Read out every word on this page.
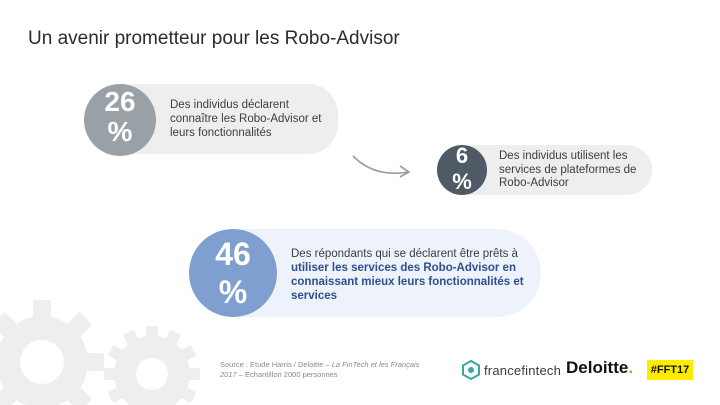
Un avenir prometteur pour les Robo-Advisor
26
%
Des individus déclarent connaître les Robo-Advisor et leurs fonctionnalités
6
%
Des individus utilisent les services de plateformes de Robo-Advisor
46
%
Des répondants qui se déclarent être prêts à utiliser les services des Robo-Advisor en connaissant mieux leurs fonctionnalités et services
Source : Etude Harris / Deloitte – La FinTech et les Français 2017 – Echantillon 2000 personnes	francefintech Deloitte.	#FFT17
